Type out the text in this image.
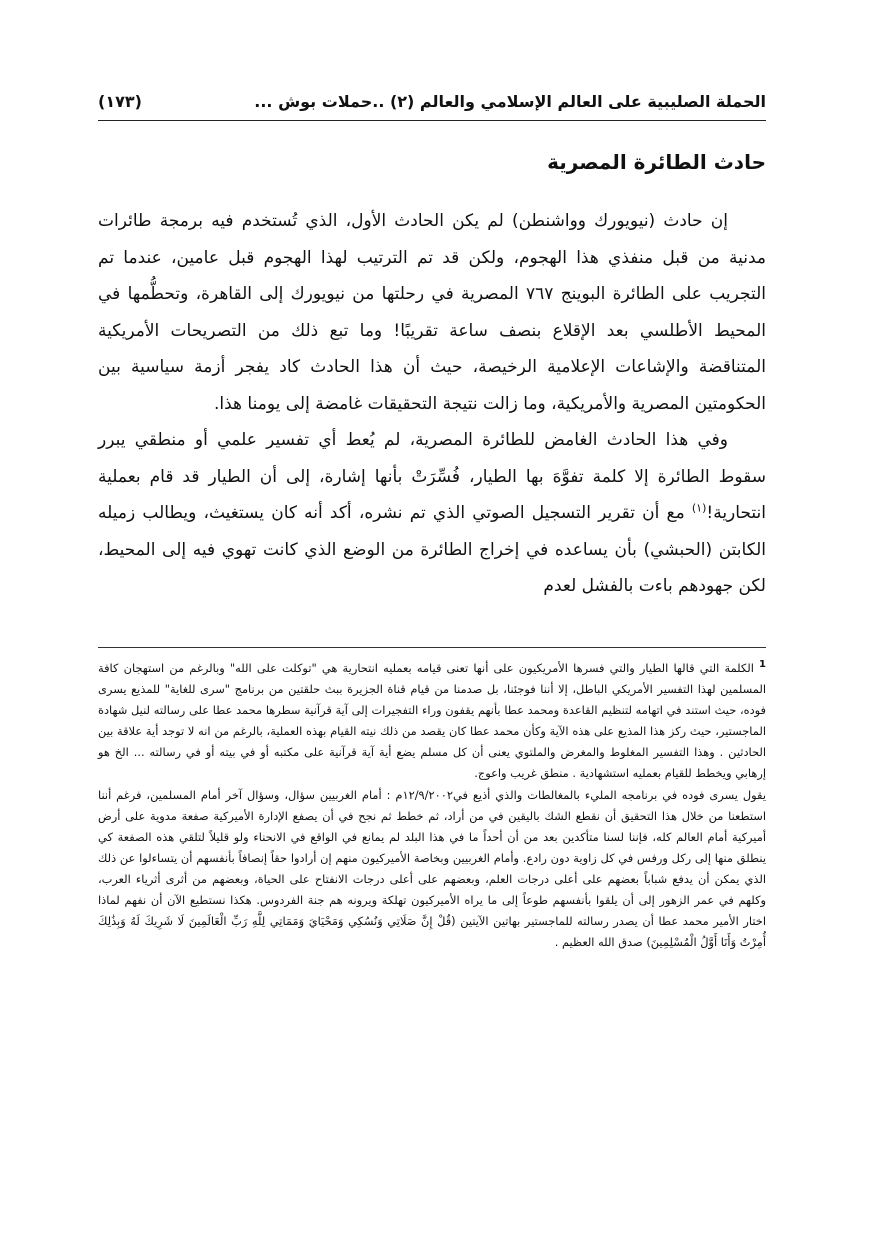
الحملة الصليبية على العالم الإسلامي والعالم (٢) ..حملات بوش ...
(١٧٣)
حادث الطائرة المصرية

إن حادث (نيويورك وواشنطن) لم يكن الحادث الأول، الذي تُستخدم فيه برمجة طائرات مدنية من قبل منفذي هذا الهجوم، ولكن قد تم الترتيب لهذا الهجوم قبل عامين، عندما تم التجريب على الطائرة البوينج ٧٦٧ المصرية في رحلتها من نيويورك إلى القاهرة، وتحطُّمها في المحيط الأطلسي بعد الإقلاع بنصف ساعة تقريبًا! وما تبع ذلك من التصريحات الأمريكية المتناقضة والإشاعات الإعلامية الرخيصة، حيث أن هذا الحادث كاد يفجر أزمة سياسية بين الحكومتين المصرية والأمريكية، وما زالت نتيجة التحقيقات غامضة إلى يومنا هذا.

وفي هذا الحادث الغامض للطائرة المصرية، لم يُعط أي تفسير علمي أو منطقي يبرر سقوط الطائرة إلا كلمة تفوَّهَ بها الطيار، فُسِّرَتْ بأنها إشارة، إلى أن الطيار قد قام بعملية انتحارية!$^{(١)}$ مع أن تقرير التسجيل الصوتي الذي تم نشره، أكد أنه كان يستغيث، ويطالب زميله الكابتن (الحبشي) بأن يساعده في إخراج الطائرة من الوضع الذي كانت تهوي فيه إلى المحيط، لكن جهودهم باءت بالفشل لعدم

1 الكلمة التي قالها الطيار والتي فسرها الأمريكيون على أنها تعنى قيامه بعمليه انتحارية هي "توكلت على الله" وبالرغم من استهجان كافة المسلمين لهذا التفسير الأمريكي الباطل، إلا أننا فوجئنا، بل صدمنا من قيام قناة الجزيرة ببث حلقتين من برنامج "سرى للغاية" للمذيع يسرى فوده، حيث استند في اتهامه لتنظيم القاعدة ومحمد عطا بأنهم يقفون وراء التفجيرات إلى آية قرآنية سطرها محمد عطا على رسالته لنيل شهادة الماجستير، حيث ركز هذا المذيع على هذه الآية وكأن محمد عطا كان يقصد من ذلك نيته القيام بهذه العملية، بالرغم من انه لا توجد أية علاقة بين الحادثين . وهذا التفسير المغلوط والمغرض والملتوي يعنى أن كل مسلم يضع أية آية قرآنية على مكتبه أو في بيته أو في رسالته ... الخ هو إرهابي ويخطط للقيام بعمليه استشهادية . منطق غريب واعوج.

يقول يسرى فوده في برنامجه المليء بالمغالطات والذي أذيع في١٢/٩/٢٠٠٢م : أمام الغربيين سؤال، وسؤال آخر أمام المسلمين، فرغم أننا استطعنا من خلال هذا التحقيق أن نقطع الشك باليقين في من أراد، ثم خطط ثم نجح في أن يصفع الإدارة الأميركية صفعة مدوية على أرض أميركية أمام العالم كله، فإننا لسنا متأكدين بعد من أن أحداً ما في هذا البلد لم يمانع في الواقع في الانحناء ولو قليلاً لتلقي هذه الصفعة كي ينطلق منها إلى ركل ورفس في كل زاوية دون رادع. وأمام الغربيين وبخاصة الأميركيون منهم إن أرادوا حقاً إنصافاً بأنفسهم أن يتساءلوا عن ذلك الذي يمكن أن يدفع شباباً بعضهم على أعلى درجات العلم، وبعضهم على أعلى درجات الانفتاح على الحياة، وبعضهم من أثرى أثرياء العرب، وكلهم في عمر الزهور إلى أن يلقوا بأنفسهم طوعاً إلى ما يراه الأميركيون تهلكة ويرونه هم جنة الفردوس. هكذا نستطيع الآن أن نفهم لماذا اختار الأمير محمد عطا أن يصدر رسالته للماجستير بهاتين الآيتين (قُلْ إِنَّ صَلَاتِي وَنُسُكِي وَمَحْيَايَ وَمَمَاتِي لِلَّهِ رَبِّ الْعَالَمِينَ لَا شَرِيكَ لَهُ وَبِذَٰلِكَ أُمِرْتُ وَأَنَا أَوَّلُ الْمُسْلِمِينَ) صدق الله العظيم .
